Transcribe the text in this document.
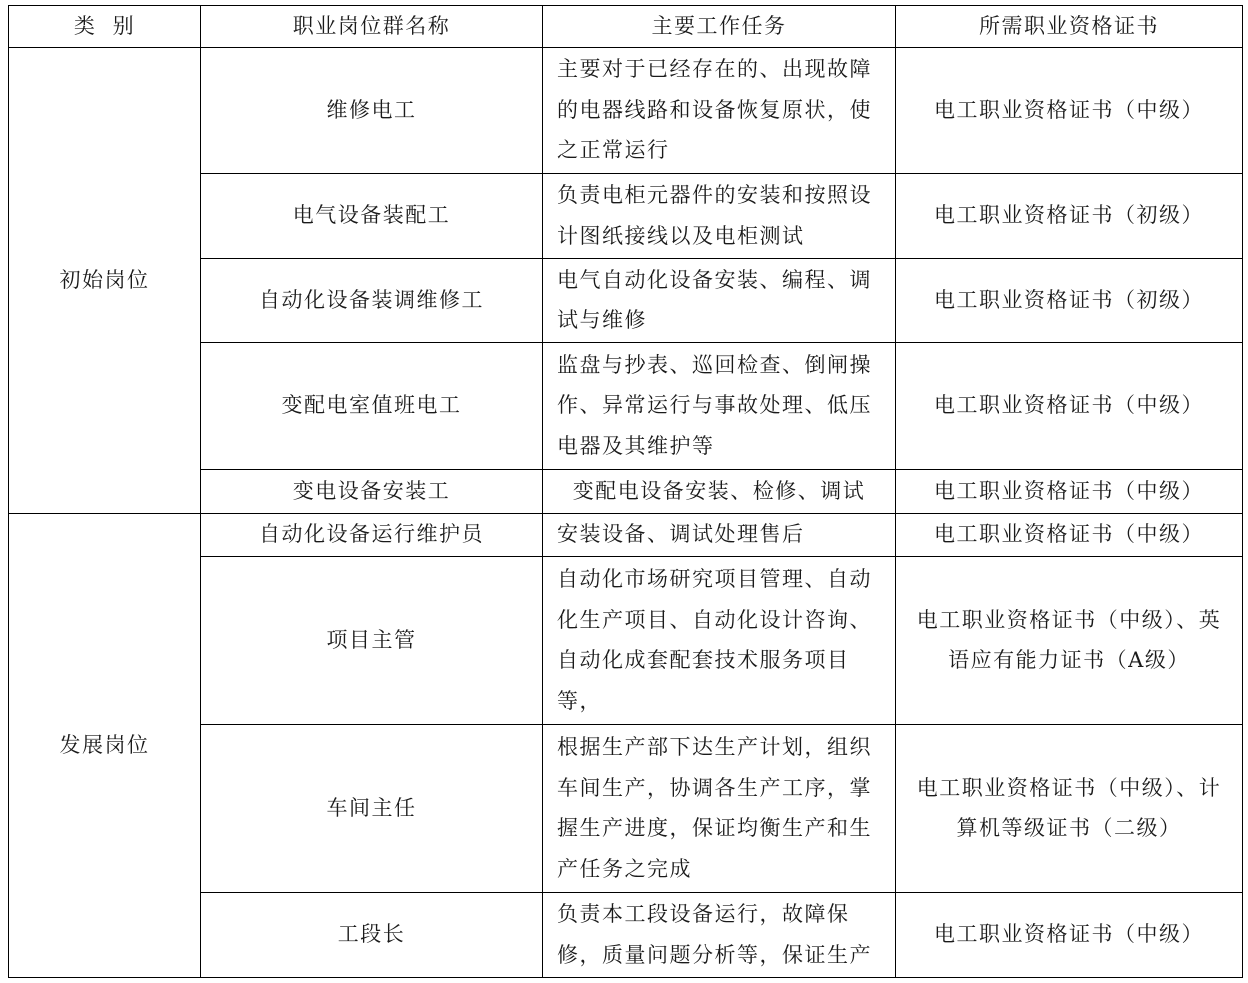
类  别	职业岗位群名称	主要工作任务	所需职业资格证书
初始岗位	维修电工	主要对于已经存在的、出现故障的电器线路和设备恢复原状，使之正常运行	电工职业资格证书（中级）
	电气设备装配工	负责电柜元器件的安装和按照设计图纸接线以及电柜测试	电工职业资格证书（初级）
	自动化设备装调维修工	电气自动化设备安装、编程、调试与维修	电工职业资格证书（初级）
	变配电室值班电工	监盘与抄表、巡回检查、倒闸操作、异常运行与事故处理、低压电器及其维护等	电工职业资格证书（中级）
	变电设备安装工	变配电设备安装、检修、调试	电工职业资格证书（中级）
发展岗位	自动化设备运行维护员	安装设备、调试处理售后	电工职业资格证书（中级）
	项目主管	自动化市场研究项目管理、自动化生产项目、自动化设计咨询、自动化成套配套技术服务项目等，	电工职业资格证书（中级）、英语应有能力证书（A级）
	车间主任	根据生产部下达生产计划，组织车间生产，协调各生产工序，掌握生产进度，保证均衡生产和生产任务之完成	电工职业资格证书（中级）、计算机等级证书（二级）
	工段长	负责本工段设备运行，故障保修，质量问题分析等，保证生产	电工职业资格证书（中级）
